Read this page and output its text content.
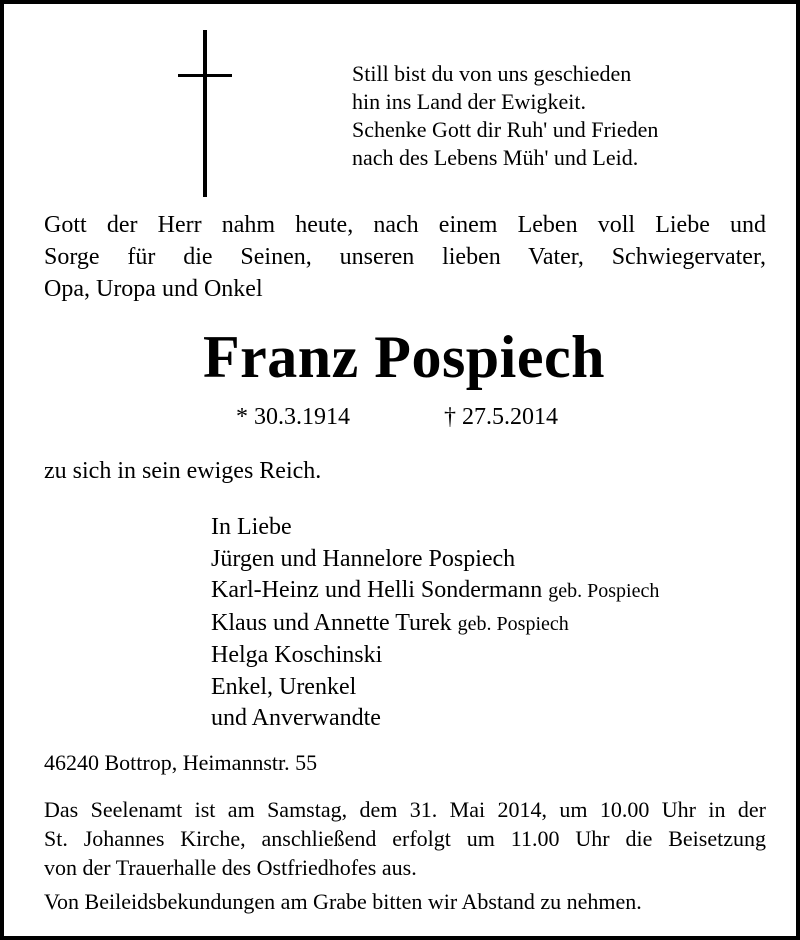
Still bist du von uns geschieden
hin ins Land der Ewigkeit.
Schenke Gott dir Ruh' und Frieden
nach des Lebens Müh' und Leid.
Gott der Herr nahm heute, nach einem Leben voll Liebe und
Sorge für die Seinen, unseren lieben Vater, Schwiegervater,
Opa, Uropa und Onkel
Franz Pospiech
* 30.3.1914	† 27.5.2014
zu sich in sein ewiges Reich.
In Liebe
Jürgen und Hannelore Pospiech
Karl-Heinz und Helli Sondermann geb. Pospiech
Klaus und Annette Turek geb. Pospiech
Helga Koschinski
Enkel, Urenkel
und Anverwandte
46240 Bottrop, Heimannstr. 55
Das Seelenamt ist am Samstag, dem 31. Mai 2014, um 10.00 Uhr in der
St. Johannes Kirche, anschließend erfolgt um 11.00 Uhr die Beisetzung
von der Trauerhalle des Ostfriedhofes aus.
Von Beileidsbekundungen am Grabe bitten wir Abstand zu nehmen.
